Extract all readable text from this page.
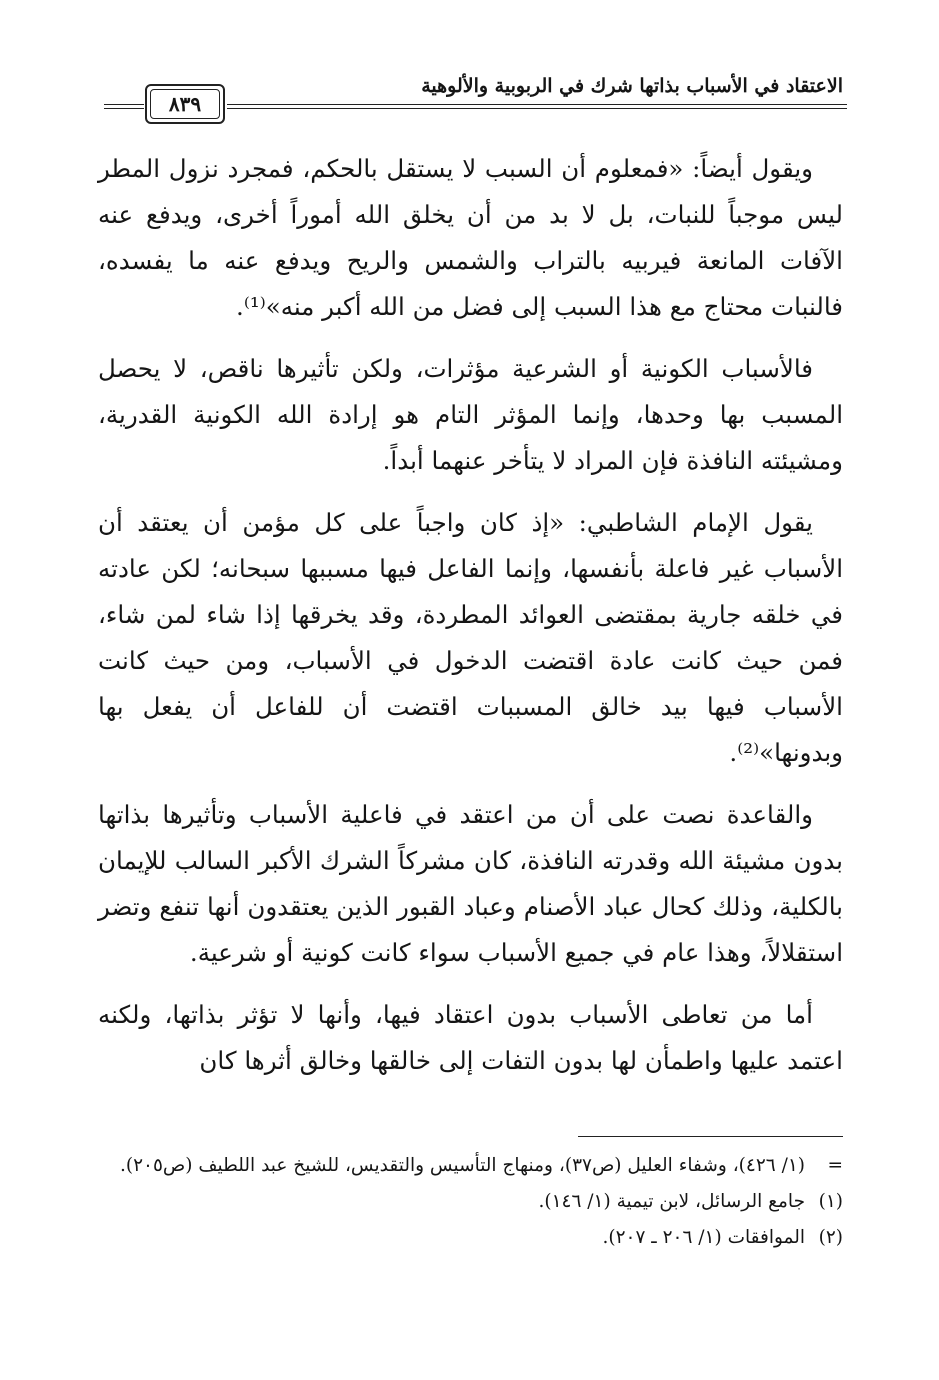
الاعتقاد في الأسباب بذاتها شرك في الربوبية والألوهية
٨٣٩

ويقول أيضاً: «فمعلوم أن السبب لا يستقل بالحكم، فمجرد نزول المطر ليس موجباً للنبات، بل لا بد من أن يخلق الله أموراً أخرى، ويدفع عنه الآفات المانعة فيربيه بالتراب والشمس والريح ويدفع عنه ما يفسده، فالنبات محتاج مع هذا السبب إلى فضل من الله أكبر منه»⁽¹⁾.

فالأسباب الكونية أو الشرعية مؤثرات، ولكن تأثيرها ناقص، لا يحصل المسبب بها وحدها، وإنما المؤثر التام هو إرادة الله الكونية القدرية، ومشيئته النافذة فإن المراد لا يتأخر عنهما أبداً.

يقول الإمام الشاطبي: «إذ كان واجباً على كل مؤمن أن يعتقد أن الأسباب غير فاعلة بأنفسها، وإنما الفاعل فيها مسببها سبحانه؛ لكن عادته في خلقه جارية بمقتضى العوائد المطردة، وقد يخرقها إذا شاء لمن شاء، فمن حيث كانت عادة اقتضت الدخول في الأسباب، ومن حيث كانت الأسباب فيها بيد خالق المسببات اقتضت أن للفاعل أن يفعل بها وبدونها»⁽²⁾.

والقاعدة نصت على أن من اعتقد في فاعلية الأسباب وتأثيرها بذاتها بدون مشيئة الله وقدرته النافذة، كان مشركاً الشرك الأكبر السالب للإيمان بالكلية، وذلك كحال عباد الأصنام وعباد القبور الذين يعتقدون أنها تنفع وتضر استقلالاً، وهذا عام في جميع الأسباب سواء كانت كونية أو شرعية.

أما من تعاطى الأسباب بدون اعتقاد فيها، وأنها لا تؤثر بذاتها، ولكنه اعتمد عليها واطمأن لها بدون التفات إلى خالقها وخالق أثرها كان

=
(١/ ٤٢٦)، وشفاء العليل (ص٣٧)، ومنهاج التأسيس والتقديس، للشيخ عبد اللطيف (ص٢٠٥).
(١)
جامع الرسائل، لابن تيمية (١/ ١٤٦).
(٢)
الموافقات (١/ ٢٠٦ ـ ٢٠٧).
